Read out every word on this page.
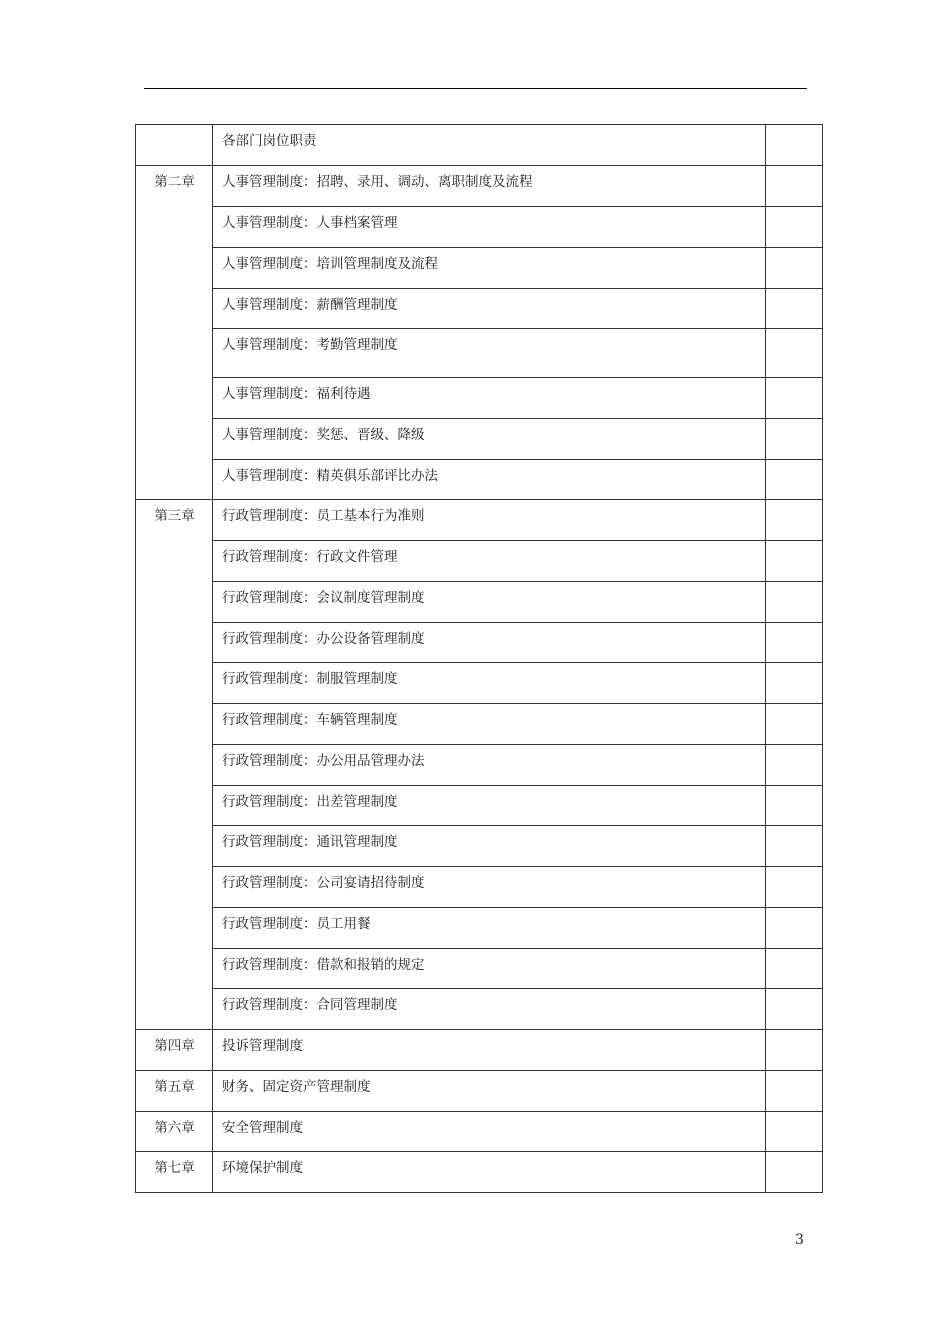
	各部门岗位职责	

第二章	人事管理制度：招聘、录用、调动、离职制度及流程	
	人事管理制度：人事档案管理	
	人事管理制度：培训管理制度及流程	
	人事管理制度：薪酬管理制度	
	人事管理制度：考勤管理制度	
	人事管理制度：福利待遇	
	人事管理制度：奖惩、晋级、降级	
	人事管理制度：精英俱乐部评比办法	

第三章	行政管理制度：员工基本行为准则	
	行政管理制度：行政文件管理	
	行政管理制度：会议制度管理制度	
	行政管理制度：办公设备管理制度	
	行政管理制度：制服管理制度	
	行政管理制度：车辆管理制度	
	行政管理制度：办公用品管理办法	
	行政管理制度：出差管理制度	
	行政管理制度：通讯管理制度	
	行政管理制度：公司宴请招待制度	
	行政管理制度：员工用餐	
	行政管理制度：借款和报销的规定	
	行政管理制度：合同管理制度	

第四章	投诉管理制度	

第五章	财务、固定资产管理制度	

第六章	安全管理制度	

第七章	环境保护制度	
3
